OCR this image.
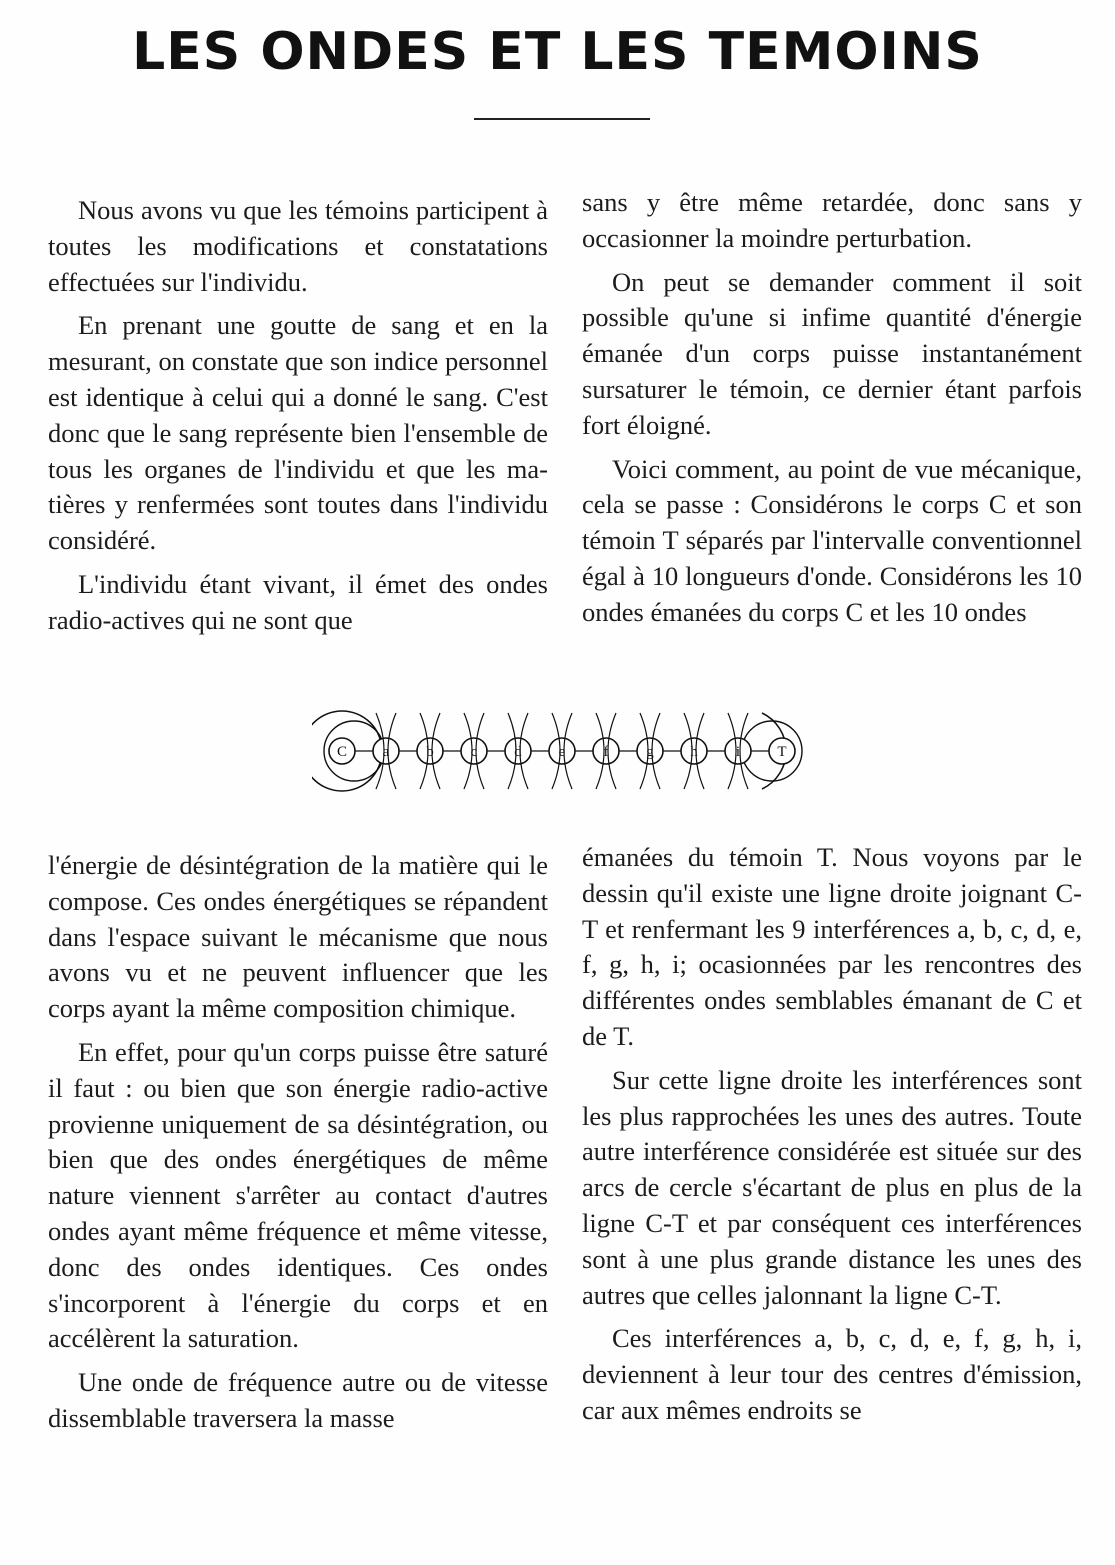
LES ONDES ET LES TEMOINS

Nous avons vu que les témoins participent à toutes les modifications et constatations effectuées sur l'individu.

En prenant une goutte de sang et en la mesurant, on constate que son indice personnel est identique à celui qui a donné le sang. C'est donc que le sang représente bien l'ensemble de tous les organes de l'individu et que les matières y renfermées sont toutes dans l'individu considéré.

L'individu étant vivant, il émet des ondes radio-actives qui ne sont que

sans y être même retardée, donc sans y occasionner la moindre perturbation.

On peut se demander comment il soit possible qu'une si infime quantité d'énergie émanée d'un corps puisse instantanément sursaturer le témoin, ce dernier étant parfois fort éloigné.

Voici comment, au point de vue mécanique, cela se passe : Considérons le corps C et son témoin T séparés par l'intervalle conventionnel égal à 10 longueurs d'onde. Considérons les 10 ondes émanées du corps C et les 10 ondes

C a b c d e	f	g h	i T

l'énergie de désintégration de la matière qui le compose. Ces ondes énergétiques se répandent dans l'espace suivant le mécanisme que nous avons vu et ne peuvent influencer que les corps ayant la même composition chimique.

En effet, pour qu'un corps puisse être saturé il faut : ou bien que son énergie radio-active provienne uniquement de sa désintégration, ou bien que des ondes énergétiques de même nature viennent s'arrêter au contact d'autres ondes ayant même fréquence et même vitesse, donc des ondes identiques. Ces ondes s'incorporent à l'énergie du corps et en accélèrent la saturation.

Une onde de fréquence autre ou de vitesse dissemblable traversera la masse

émanées du témoin T. Nous voyons par le dessin qu'il existe une ligne droite joignant C-T et renfermant les 9 interférences a, b, c, d, e, f, g, h, i; ocasionnées par les rencontres des différentes ondes semblables émanant de C et de T.

Sur cette ligne droite les interférences sont les plus rapprochées les unes des autres. Toute autre interférence considérée est située sur des arcs de cercle s'écartant de plus en plus de la ligne C-T et par conséquent ces interférences sont à une plus grande distance les unes des autres que celles jalonnant la ligne C-T.

Ces interférences a, b, c, d, e, f, g, h, i, deviennent à leur tour des centres d'émission, car aux mêmes endroits se
